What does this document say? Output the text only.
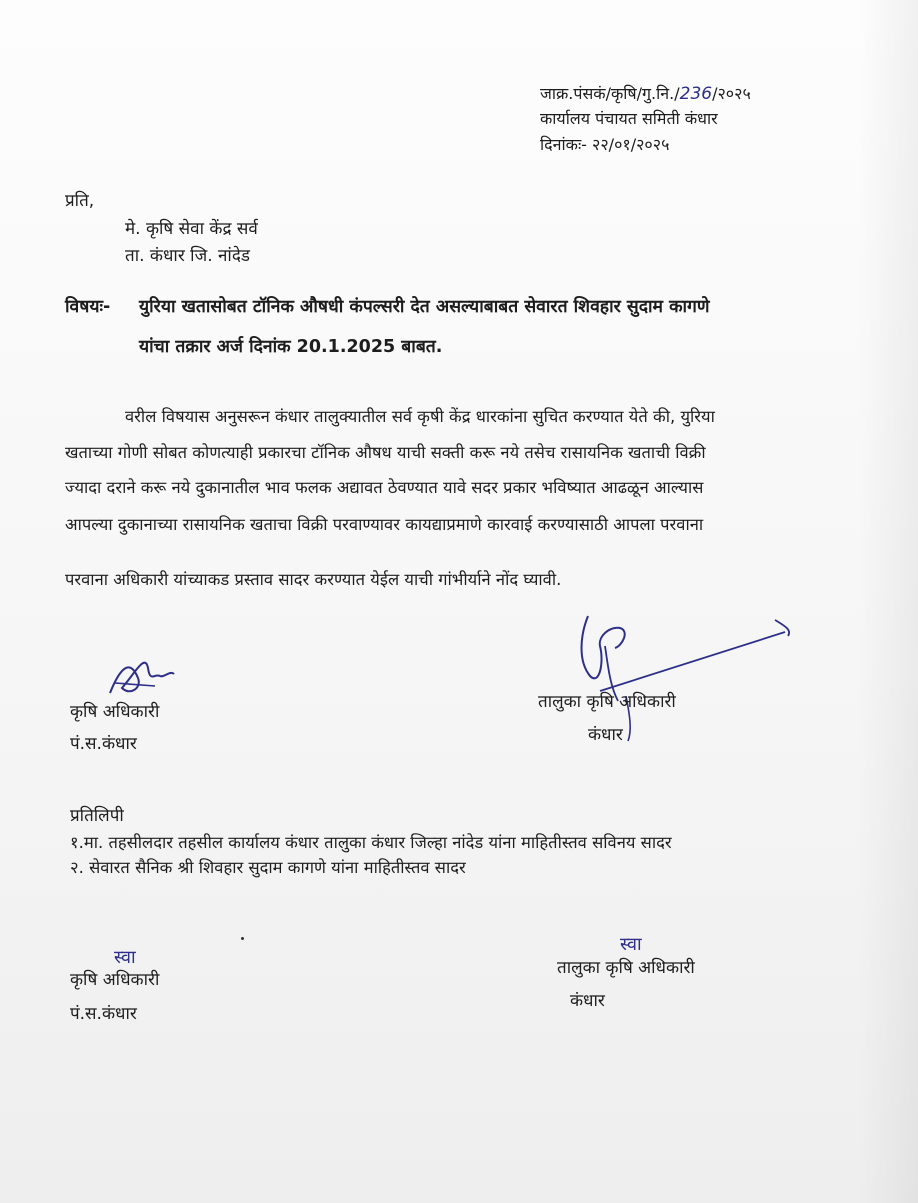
जाक्र.पंसकं/कृषि/गु.नि./236/२०२५
कार्यालय पंचायत समिती कंधार
दिनांकः- २२/०१/२०२५
प्रति,
मे. कृषि सेवा केंद्र सर्व
ता. कंधार जि. नांदेड
विषयः- युरिया खतासोबत टॉनिक औषधी कंपल्सरी देत असल्याबाबत सेवारत शिवहार सुदाम कागणे
यांचा तक्रार अर्ज दिनांक 20.1.2025 बाबत.
वरील विषयास अनुसरून कंधार तालुक्यातील सर्व कृषी केंद्र धारकांना सुचित करण्यात येते की, युरिया
खताच्या गोणी सोबत कोणत्याही प्रकारचा टॉनिक औषध याची सक्ती करू नये तसेच रासायनिक खताची विक्री
ज्यादा दराने करू नये दुकानातील भाव फलक अद्यावत ठेवण्यात यावे सदर प्रकार भविष्यात आढळून आल्यास
आपल्या दुकानाच्या रासायनिक खताचा विक्री परवाण्यावर कायद्याप्रमाणे कारवाई करण्यासाठी आपला परवाना
परवाना अधिकारी यांच्याकड प्रस्ताव सादर करण्यात येईल याची गांभीर्याने नोंद घ्यावी.
कृषि अधिकारी
पं.स.कंधार
तालुका कृषि अधिकारी
कंधार
प्रतिलिपी
१.मा. तहसीलदार तहसील कार्यालय कंधार तालुका कंधार जिल्हा नांदेड यांना माहितीस्तव सविनय सादर
२. सेवारत सैनिक श्री शिवहार सुदाम कागणे यांना माहितीस्तव सादर
स्वा
कृषि अधिकारी
पं.स.कंधार
स्वा
तालुका कृषि अधिकारी
कंधार
